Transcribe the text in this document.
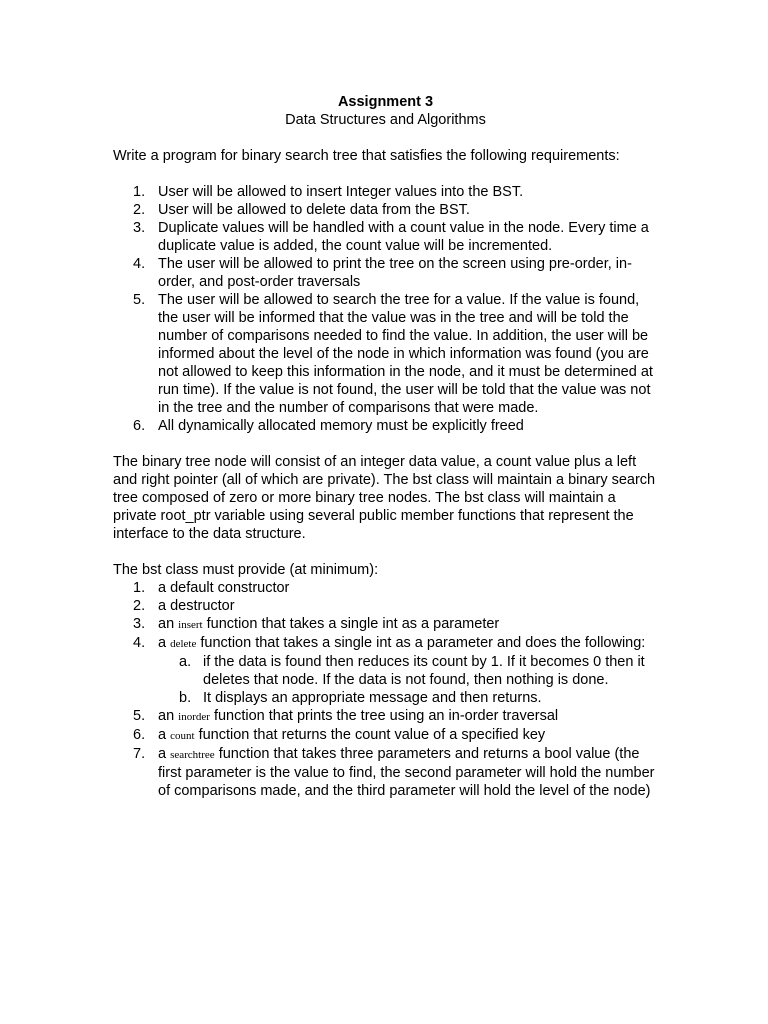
Assignment 3

Data Structures and Algorithms

Write a program for binary search tree that satisfies the following requirements:

1. User will be allowed to insert Integer values into the BST.
2. User will be allowed to delete data from the BST.
3. Duplicate values will be handled with a count value in the node. Every time a duplicate value is added, the count value will be incremented.
4. The user will be allowed to print the tree on the screen using pre-order, in-order, and post-order traversals
5. The user will be allowed to search the tree for a value. If the value is found, the user will be informed that the value was in the tree and will be told the number of comparisons needed to find the value. In addition, the user will be informed about the level of the node in which information was found (you are not allowed to keep this information in the node, and it must be determined at run time). If the value is not found, the user will be told that the value was not in the tree and the number of comparisons that were made.
6. All dynamically allocated memory must be explicitly freed

The binary tree node will consist of an integer data value, a count value plus a left and right pointer (all of which are private). The bst class will maintain a binary search tree composed of zero or more binary tree nodes. The bst class will maintain a private root_ptr variable using several public member functions that represent the interface to the data structure.

The bst class must provide (at minimum):

1. a default constructor
2. a destructor
3. an insert function that takes a single int as a parameter
4. a delete function that takes a single int as a parameter and does the following:
a. if the data is found then reduces its count by 1. If it becomes 0 then it deletes that node. If the data is not found, then nothing is done.
b. It displays an appropriate message and then returns.
5. an inorder function that prints the tree using an in-order traversal
6. a count function that returns the count value of a specified key
7. a searchtree function that takes three parameters and returns a bool value (the first parameter is the value to find, the second parameter will hold the number of comparisons made, and the third parameter will hold the level of the node)
